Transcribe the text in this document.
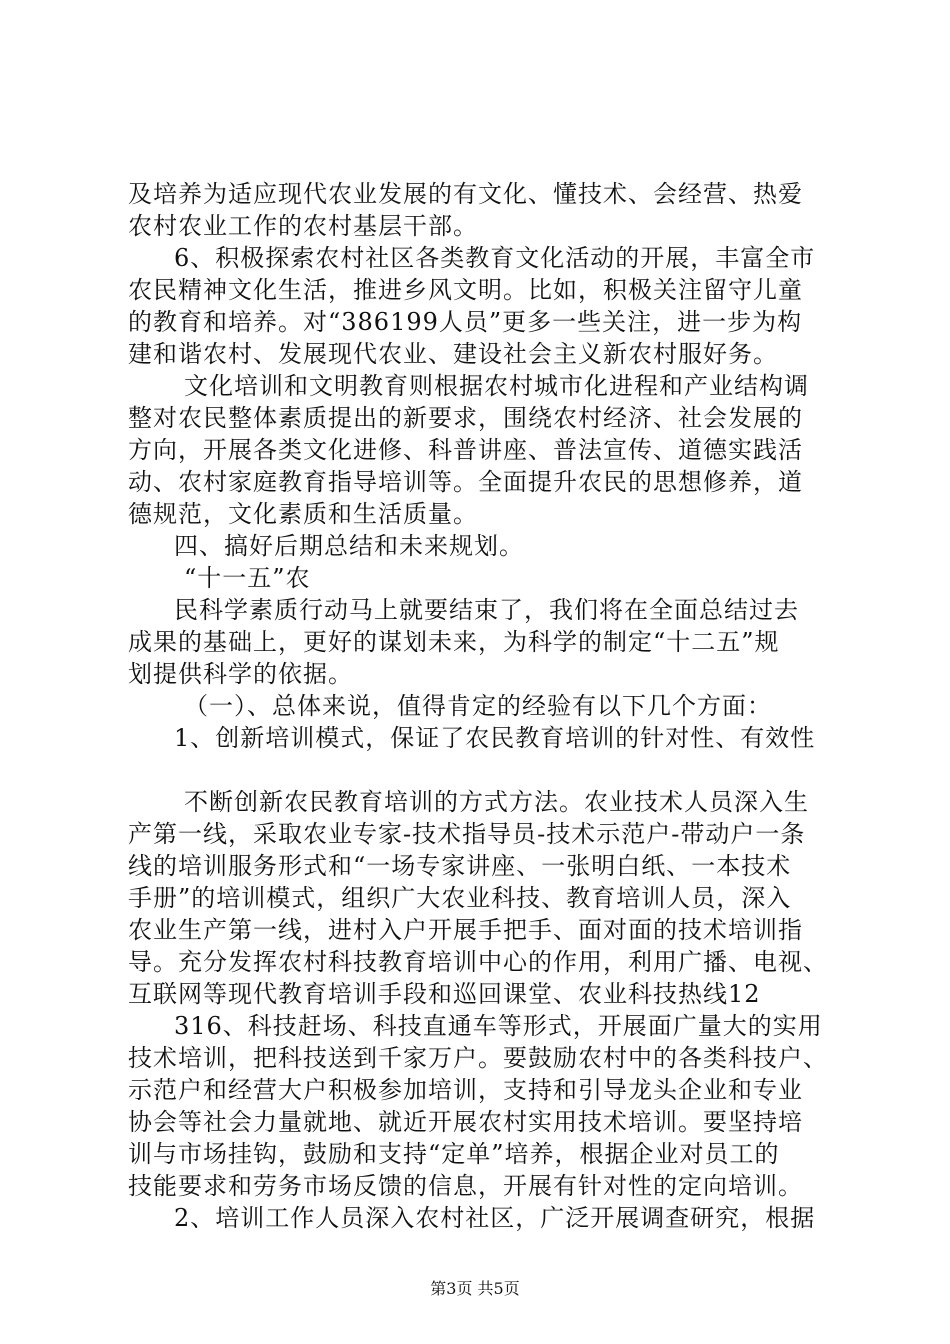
及培养为适应现代农业发展的有文化、懂技术、会经营、热爱
农村农业工作的农村基层干部。
6、积极探索农村社区各类教育文化活动的开展，丰富全市
农民精神文化生活，推进乡风文明。比如，积极关注留守儿童
的教育和培养。对“386199人员”更多一些关注，进一步为构
建和谐农村、发展现代农业、建设社会主义新农村服好务。
文化培训和文明教育则根据农村城市化进程和产业结构调
整对农民整体素质提出的新要求，围绕农村经济、社会发展的
方向，开展各类文化进修、科普讲座、普法宣传、道德实践活
动、农村家庭教育指导培训等。全面提升农民的思想修养，道
德规范，文化素质和生活质量。
四、搞好后期总结和未来规划。
“十一五”农
民科学素质行动马上就要结束了，我们将在全面总结过去
成果的基础上，更好的谋划未来，为科学的制定“十二五”规
划提供科学的依据。
（一）、总体来说，值得肯定的经验有以下几个方面：
1、创新培训模式，保证了农民教育培训的针对性、有效性
不断创新农民教育培训的方式方法。农业技术人员深入生
产第一线，采取农业专家-技术指导员-技术示范户-带动户一条
线的培训服务形式和“一场专家讲座、一张明白纸、一本技术
手册”的培训模式，组织广大农业科技、教育培训人员，深入
农业生产第一线，进村入户开展手把手、面对面的技术培训指
导。充分发挥农村科技教育培训中心的作用，利用广播、电视、
互联网等现代教育培训手段和巡回课堂、农业科技热线12
316、科技赶场、科技直通车等形式，开展面广量大的实用
技术培训，把科技送到千家万户。要鼓励农村中的各类科技户、
示范户和经营大户积极参加培训，支持和引导龙头企业和专业
协会等社会力量就地、就近开展农村实用技术培训。要坚持培
训与市场挂钩，鼓励和支持“定单”培养，根据企业对员工的
技能要求和劳务市场反馈的信息，开展有针对性的定向培训。
2、培训工作人员深入农村社区，广泛开展调查研究，根据
第3页 共5页
